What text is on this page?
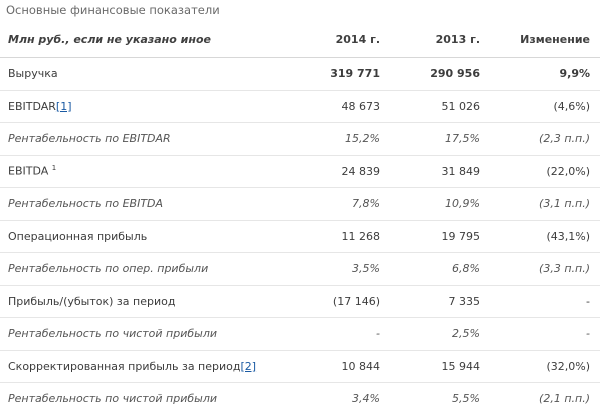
Основные финансовые показатели
Млн руб., если не указано иное	2014 г.	2013 г.	Изменение	
Выручка	319 771	290 956	9,9%	
EBITDAR[1]	48 673	51 026	(4,6%)	
Рентабельность по EBITDAR	15,2%	17,5%	(2,3 п.п.)	
EBITDA $^1$	24 839	31 849	(22,0%)	
Рентабельность по EBITDA	7,8%	10,9%	(3,1 п.п.)	
Операционная прибыль	11 268	19 795	(43,1%)	
Рентабельность по опер. прибыли	3,5%	6,8%	(3,3 п.п.)	
Прибыль/(убыток) за период	(17 146)	7 335	-	
Рентабельность по чистой прибыли	-	2,5%	-	
Скорректированная прибыль за период[2]	10 844	15 944	(32,0%)	
Рентабельность по чистой прибыли	3,4%	5,5%	(2,1 п.п.)	
